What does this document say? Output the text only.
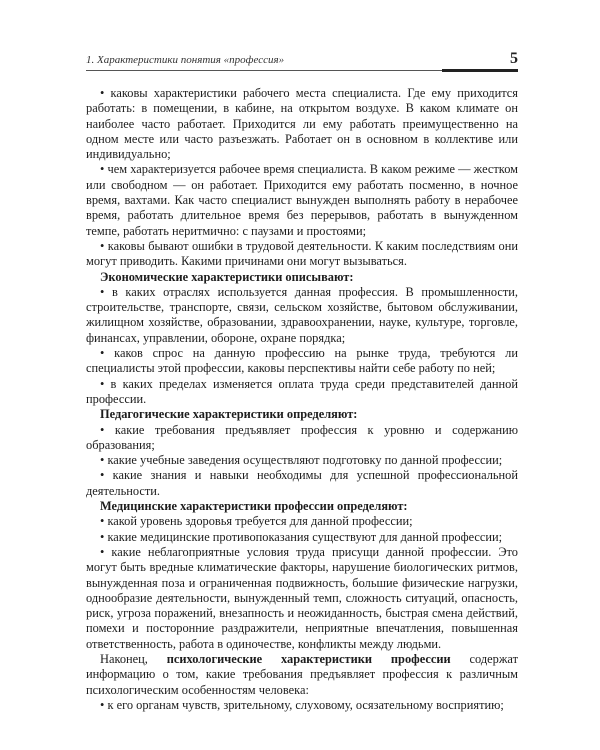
1. Характеристики понятия «профессия»	5

• каковы характеристики рабочего места специалиста. Где ему приходится работать: в помещении, в кабине, на открытом воздухе. В каком климате он наиболее часто работает. Приходится ли ему работать преимущественно на одном месте или часто разъезжать. Работает он в основном в коллективе или индивидуально;

• чем характеризуется рабочее время специалиста. В каком режиме — жестком или свободном — он работает. Приходится ему работать посменно, в ночное время, вахтами. Как часто специалист вынужден выполнять работу в нерабочее время, работать длительное время без перерывов, работать в вынужденном темпе, работать неритмично: с паузами и простоями;

• каковы бывают ошибки в трудовой деятельности. К каким последствиям они могут приводить. Какими причинами они могут вызываться.

Экономические характеристики описывают:

• в каких отраслях используется данная профессия. В промышленности, строительстве, транспорте, связи, сельском хозяйстве, бытовом обслуживании, жилищном хозяйстве, образовании, здравоохранении, науке, культуре, торговле, финансах, управлении, обороне, охране порядка;

• каков спрос на данную профессию на рынке труда, требуются ли специалисты этой профессии, каковы перспективы найти себе работу по ней;

• в каких пределах изменяется оплата труда среди представителей данной профессии.

Педагогические характеристики определяют:

• какие требования предъявляет профессия к уровню и содержанию образования;

• какие учебные заведения осуществляют подготовку по данной профессии;

• какие знания и навыки необходимы для успешной профессиональной деятельности.

Медицинские характеристики профессии определяют:

• какой уровень здоровья требуется для данной профессии;

• какие медицинские противопоказания существуют для данной профессии;

• какие неблагоприятные условия труда присущи данной профессии. Это могут быть вредные климатические факторы, нарушение биологических ритмов, вынужденная поза и ограниченная подвижность, большие физические нагрузки, однообразие деятельности, вынужденный темп, сложность ситуаций, опасность, риск, угроза поражений, внезапность и неожиданность, быстрая смена действий, помехи и посторонние раздражители, неприятные впечатления, повышенная ответственность, работа в одиночестве, конфликты между людьми.

Наконец, психологические характеристики профессии содержат информацию о том, какие требования предъявляет профессия к различным психологическим особенностям человека:

• к его органам чувств, зрительному, слуховому, осязательному восприятию;
